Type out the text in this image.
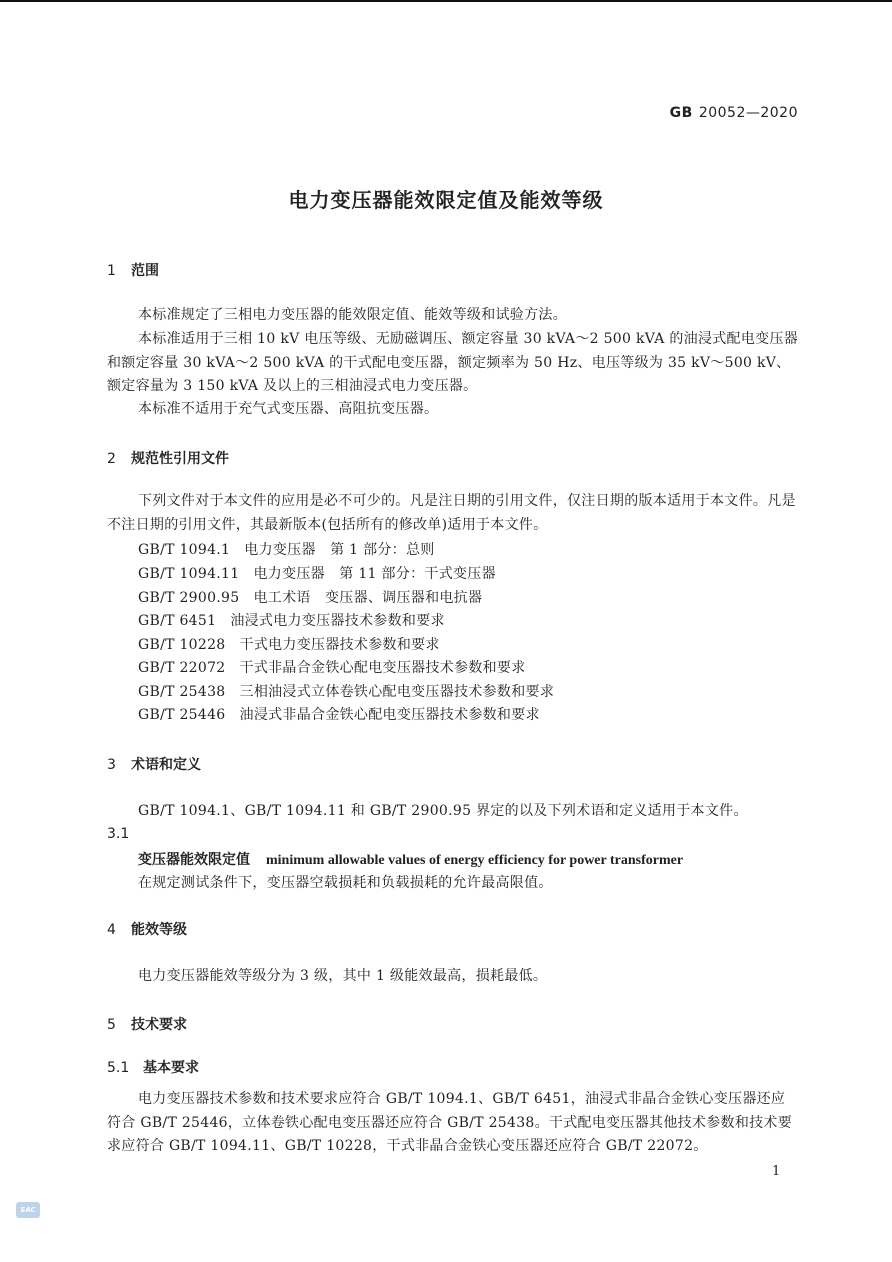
GB 20052—2020
电力变压器能效限定值及能效等级
1 范围
本标准规定了三相电力变压器的能效限定值、能效等级和试验方法。
本标准适用于三相 10 kV 电压等级、无励磁调压、额定容量 30 kVA～2 500 kVA 的油浸式配电变压器和额定容量 30 kVA～2 500 kVA 的干式配电变压器，额定频率为 50 Hz、电压等级为 35 kV～500 kV、额定容量为 3 150 kVA 及以上的三相油浸式电力变压器。
本标准不适用于充气式变压器、高阻抗变压器。
2 规范性引用文件
下列文件对于本文件的应用是必不可少的。凡是注日期的引用文件，仅注日期的版本适用于本文件。凡是不注日期的引用文件，其最新版本(包括所有的修改单)适用于本文件。
GB/T 1094.1 电力变压器　第 1 部分：总则
GB/T 1094.11 电力变压器　第 11 部分：干式变压器
GB/T 2900.95 电工术语　变压器、调压器和电抗器
GB/T 6451 油浸式电力变压器技术参数和要求
GB/T 10228 干式电力变压器技术参数和要求
GB/T 22072 干式非晶合金铁心配电变压器技术参数和要求
GB/T 25438 三相油浸式立体卷铁心配电变压器技术参数和要求
GB/T 25446 油浸式非晶合金铁心配电变压器技术参数和要求
3 术语和定义
GB/T 1094.1、GB/T 1094.11 和 GB/T 2900.95 界定的以及下列术语和定义适用于本文件。
3.1
变压器能效限定值 minimum allowable values of energy efficiency for power transformer
在规定测试条件下，变压器空载损耗和负载损耗的允许最高限值。
4 能效等级
电力变压器能效等级分为 3 级，其中 1 级能效最高，损耗最低。
5 技术要求
5.1 基本要求
电力变压器技术参数和技术要求应符合 GB/T 1094.1、GB/T 6451，油浸式非晶合金铁心变压器还应符合 GB/T 25446，立体卷铁心配电变压器还应符合 GB/T 25438。干式配电变压器其他技术参数和技术要求应符合 GB/T 1094.11、GB/T 10228，干式非晶合金铁心变压器还应符合 GB/T 22072。
1
SAC
